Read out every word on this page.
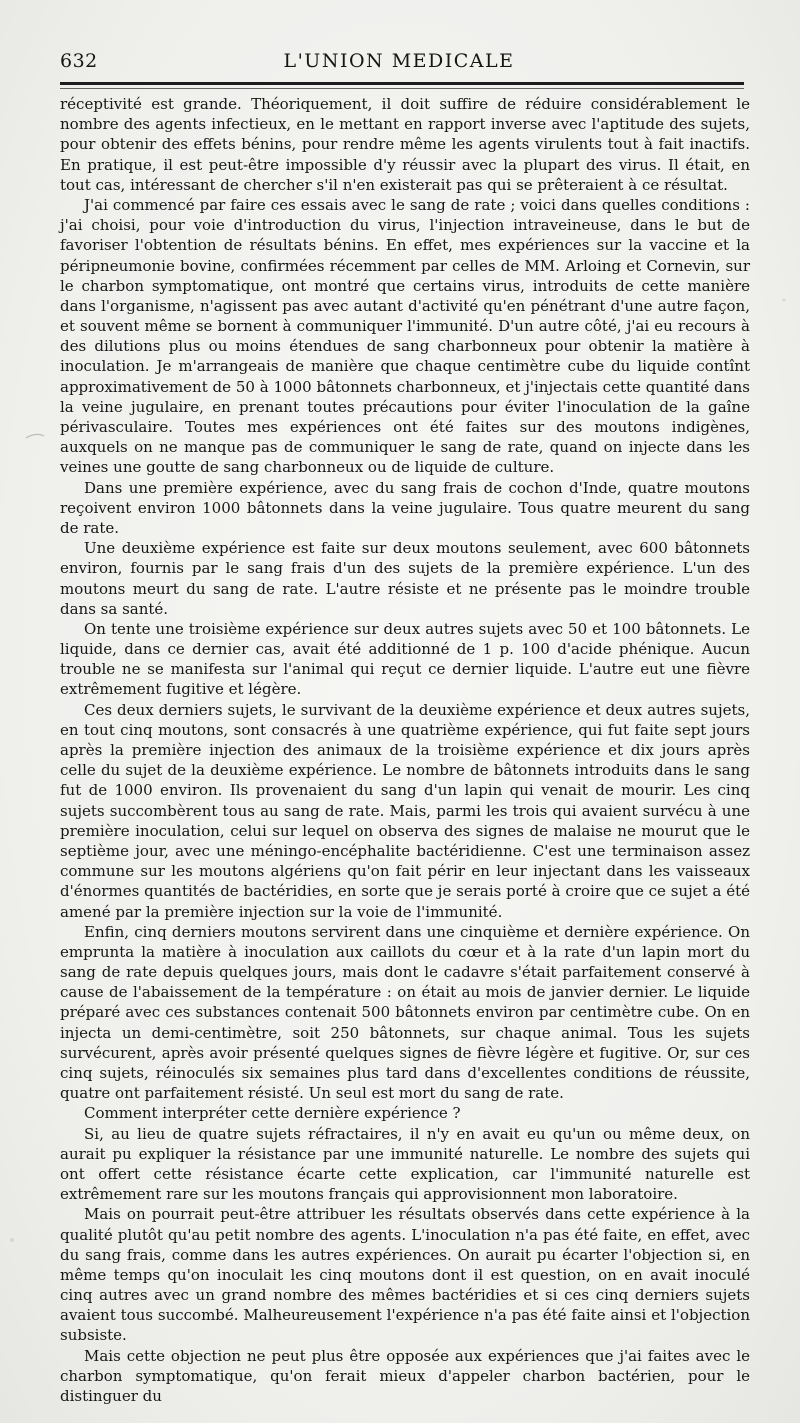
632	L'UNION MEDICALE

réceptivité est grande. Théoriquement, il doit suffire de réduire considérablement le nombre des agents infectieux, en le mettant en rapport inverse avec l'aptitude des sujets, pour obtenir des effets bénins, pour rendre même les agents virulents tout à fait inactifs. En pratique, il est peut-être impossible d'y réussir avec la plupart des virus. Il était, en tout cas, intéressant de chercher s'il n'en existerait pas qui se prêteraient à ce résultat.

J'ai commencé par faire ces essais avec le sang de rate ; voici dans quelles conditions : j'ai choisi, pour voie d'introduction du virus, l'injection intraveineuse, dans le but de favoriser l'obtention de résultats bénins. En effet, mes expériences sur la vaccine et la péripneumonie bovine, confirmées récemment par celles de MM. Arloing et Cornevin, sur le charbon symptomatique, ont montré que certains virus, introduits de cette manière dans l'organisme, n'agissent pas avec autant d'activité qu'en pénétrant d'une autre façon, et souvent même se bornent à communiquer l'immunité. D'un autre côté, j'ai eu recours à des dilutions plus ou moins étendues de sang charbonneux pour obtenir la matière à inoculation. Je m'arrangeais de manière que chaque centimètre cube du liquide contînt approximativement de 50 à 1000 bâtonnets charbonneux, et j'injectais cette quantité dans la veine jugulaire, en prenant toutes précautions pour éviter l'inoculation de la gaîne périvasculaire. Toutes mes expériences ont été faites sur des moutons indigènes, auxquels on ne manque pas de communiquer le sang de rate, quand on injecte dans les veines une goutte de sang charbonneux ou de liquide de culture.

Dans une première expérience, avec du sang frais de cochon d'Inde, quatre moutons reçoivent environ 1000 bâtonnets dans la veine jugulaire. Tous quatre meurent du sang de rate.

Une deuxième expérience est faite sur deux moutons seulement, avec 600 bâtonnets environ, fournis par le sang frais d'un des sujets de la première expérience. L'un des moutons meurt du sang de rate. L'autre résiste et ne présente pas le moindre trouble dans sa santé.

On tente une troisième expérience sur deux autres sujets avec 50 et 100 bâtonnets. Le liquide, dans ce dernier cas, avait été additionné de 1 p. 100 d'acide phénique. Aucun trouble ne se manifesta sur l'animal qui reçut ce dernier liquide. L'autre eut une fièvre extrêmement fugitive et légère.

Ces deux derniers sujets, le survivant de la deuxième expérience et deux autres sujets, en tout cinq moutons, sont consacrés à une quatrième expérience, qui fut faite sept jours après la première injection des animaux de la troisième expérience et dix jours après celle du sujet de la deuxième expérience. Le nombre de bâtonnets introduits dans le sang fut de 1000 environ. Ils provenaient du sang d'un lapin qui venait de mourir. Les cinq sujets succombèrent tous au sang de rate. Mais, parmi les trois qui avaient survécu à une première inoculation, celui sur lequel on observa des signes de malaise ne mourut que le septième jour, avec une méningo-encéphalite bactéridienne. C'est une terminaison assez commune sur les moutons algériens qu'on fait périr en leur injectant dans les vaisseaux d'énormes quantités de bactéridies, en sorte que je serais porté à croire que ce sujet a été amené par la première injection sur la voie de l'immunité.

Enfin, cinq derniers moutons servirent dans une cinquième et dernière expérience. On emprunta la matière à inoculation aux caillots du cœur et à la rate d'un lapin mort du sang de rate depuis quelques jours, mais dont le cadavre s'était parfaitement conservé à cause de l'abaissement de la température : on était au mois de janvier dernier. Le liquide préparé avec ces substances contenait 500 bâtonnets environ par centimètre cube. On en injecta un demi-centimètre, soit 250 bâtonnets, sur chaque animal. Tous les sujets survécurent, après avoir présenté quelques signes de fièvre légère et fugitive. Or, sur ces cinq sujets, réinoculés six semaines plus tard dans d'excellentes conditions de réussite, quatre ont parfaitement résisté. Un seul est mort du sang de rate.

Comment interpréter cette dernière expérience ?

Si, au lieu de quatre sujets réfractaires, il n'y en avait eu qu'un ou même deux, on aurait pu expliquer la résistance par une immunité naturelle. Le nombre des sujets qui ont offert cette résistance écarte cette explication, car l'immunité naturelle est extrêmement rare sur les moutons français qui approvisionnent mon laboratoire.

Mais on pourrait peut-être attribuer les résultats observés dans cette expérience à la qualité plutôt qu'au petit nombre des agents. L'inoculation n'a pas été faite, en effet, avec du sang frais, comme dans les autres expériences. On aurait pu écarter l'objection si, en même temps qu'on inoculait les cinq moutons dont il est question, on en avait inoculé cinq autres avec un grand nombre des mêmes bactéridies et si ces cinq derniers sujets avaient tous succombé. Malheureusement l'expérience n'a pas été faite ainsi et l'objection subsiste.

Mais cette objection ne peut plus être opposée aux expériences que j'ai faites avec le charbon symptomatique, qu'on ferait mieux d'appeler charbon bactérien, pour le distinguer du
